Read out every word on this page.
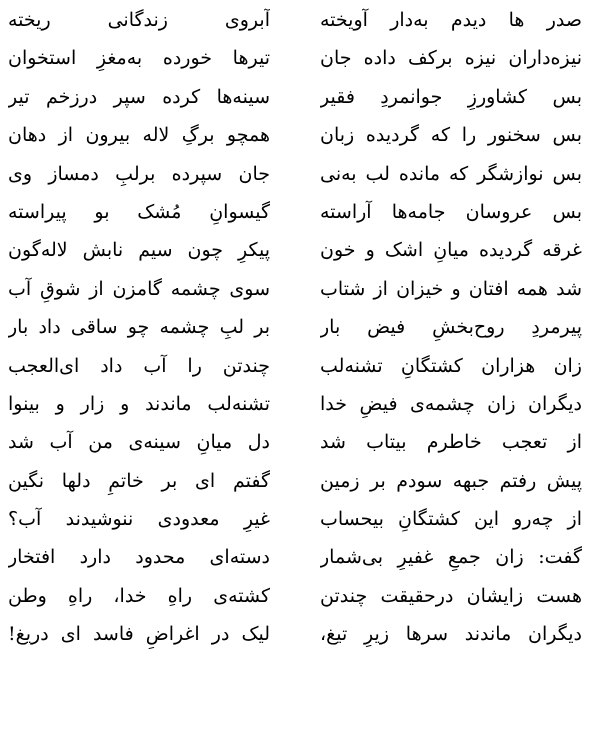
صدر ها دیدم به‌دار آویخته
آبروی زندگانی ریخته
نیزه‌داران نیزه برکف داده جان
تیرها خورده به‌مغزِ استخوان
بس کشاورزِ جوانمردِ فقیر
سینه‌ها کرده سپر درزخم تیر
بس سخنور را که گردیده زبان
همچو برگِ لاله بیرون از دهان
بس نوازشگر که مانده لب به‌نی
جان سپرده برلبِ دمساز وی
بس عروسان جامه‌ها آراسته
گیسوانِ مُشک بو پیراسته
غرقه گردیده میانِ اشک و خون
پیکرِ چون سیم نابش لاله‌گون
شد همه افتان و خیزان از شتاب
سوی چشمه گامزن از شوقِ آب
پیرمردِ روح‌بخشِ فیض بار
بر لبِ چشمه چو ساقی داد بار
زان هزاران کشتگانِ تشنه‌لب
چندتن را آب داد ای‌العجب
دیگران زان چشمه‌ی فیضِ خدا
تشنه‌لب ماندند و زار و بینوا
از تعجب خاطرم بیتاب شد
دل میانِ سینه‌ی من آب شد
پیش رفتم جبهه سودم بر زمین
گفتم ای بر خاتمِ دلها نگین
از چه‌رو این کشتگانِ بیحساب
غیرِ معدودی ننوشیدند آب؟
گفت: زان جمعِ غفیرِ بی‌شمار
دسته‌ای محدود دارد افتخار
هست زایشان درحقیقت چندتن
کشته‌ی راهِ خدا، راهِ وطن
دیگران ماندند سرها زیرِ تیغ،
لیک در اغراضِ فاسد ای دریغ!
